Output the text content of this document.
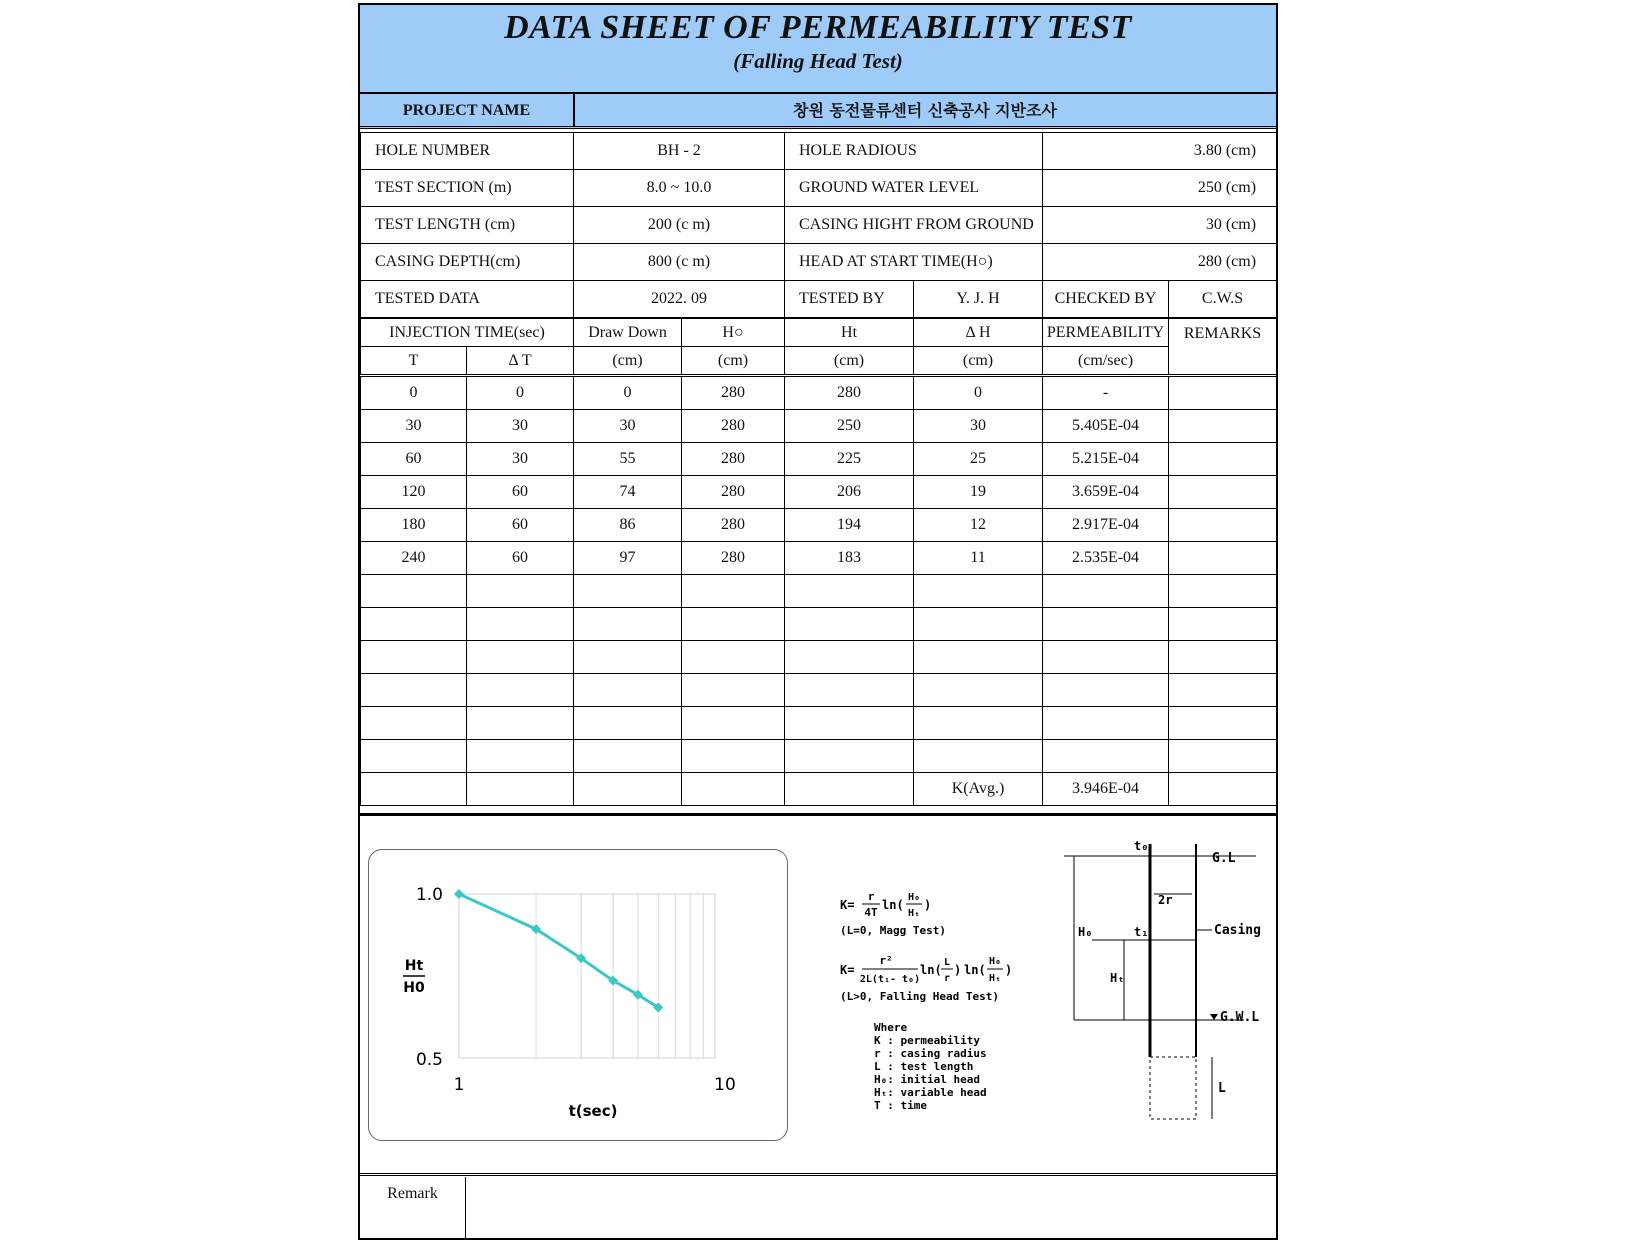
DATA SHEET OF PERMEABILITY TEST
(Falling Head Test)
PROJECT NAME	창원 동전물류센터 신축공사 지반조사
HOLE NUMBER	BH - 2	HOLE RADIOUS		3.80 (cm)	
TEST SECTION (m)	8.0 ~ 10.0	GROUND WATER LEVEL		250 (cm)	
TEST LENGTH (cm)	200 (c m)	CASING HIGHT FROM GROUND		30 (cm)	
CASING DEPTH(cm)	800 (c m)	HEAD AT START TIME(H○)		280 (cm)	
TESTED DATA	2022. 09	TESTED BY	Y. J. H	CHECKED BY	C.W.S
INJECTION TIME(sec)		Draw Down	H○	Ht	Δ H	PERMEABILITY	REMARKS
T	Δ T	(cm)	(cm)	(cm)	(cm)	(cm/sec)	
0	0	0	280	280	0	-	
30	30	30	280	250	30	5.405E-04	
60	30	55	280	225	25	5.215E-04	
120	60	74	280	206	19	3.659E-04	
180	60	86	280	194	12	2.917E-04	
240	60	97	280	183	11	2.535E-04	

					K(Avg.)	3.946E-04	
1.0
0.5
1	10
t(sec)
Ht
H0
K=
r
4T
ln(
H₀
Hₜ
)
(L=0, Magg Test)
K=
r²
2L(t₁- t₀)
ln(
L
r
) ln(
H₀
Hₜ
)
(L>0, Falling Head Test)
Where
K : permeability
r : casing radius
L : test length
H₀: initial head
Hₜ: variable head
T : time
t₀
G.L
2r
H₀	t₁	Casing
Hₜ
G.W.L
L
Remark
